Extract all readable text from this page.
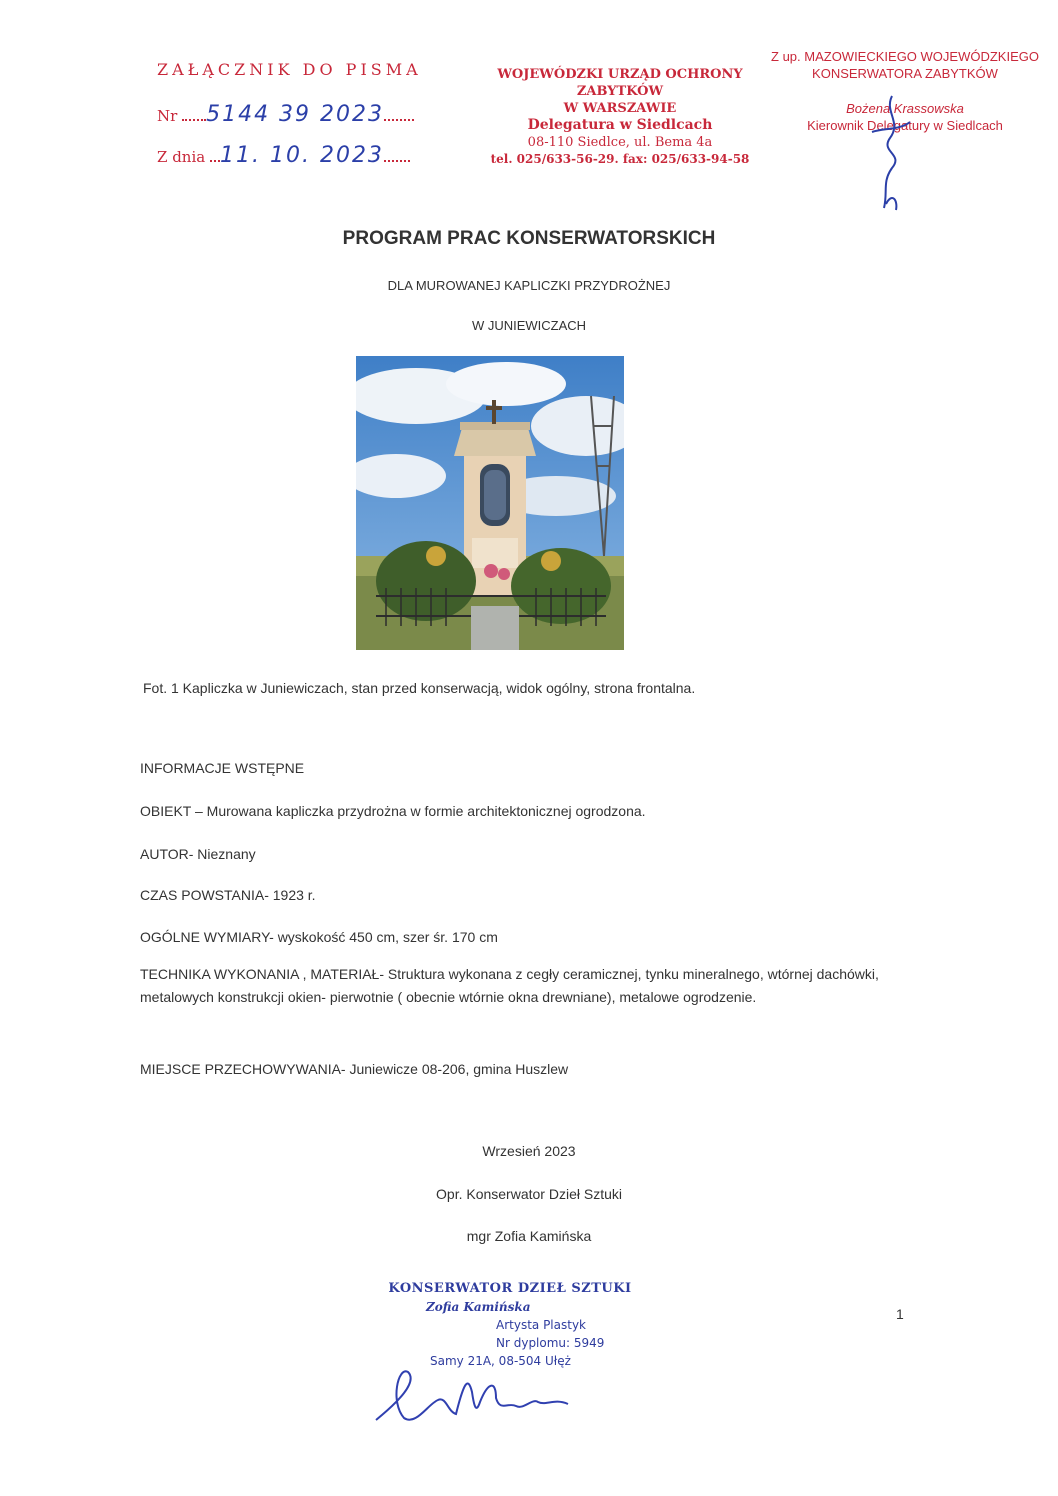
ZAŁĄCZNIK DO PISMA
Nr 5144 39 2023
Z dnia 11. 10. 2023
WOJEWÓDZKI URZĄD OCHRONY ZABYTKÓW
W WARSZAWIE
Delegatura w Siedlcach
08-110 Siedlce, ul. Bema 4a
tel. 025/633-56-29. fax: 025/633-94-58
Z up. MAZOWIECKIEGO WOJEWÓDZKIEGO
KONSERWATORA ZABYTKÓW
Bożena Krassowska
Kierownik Delegatury w Siedlcach
PROGRAM PRAC KONSERWATORSKICH
DLA MUROWANEJ KAPLICZKI PRZYDROŻNEJ
W JUNIEWICZACH
Fot. 1 Kapliczka w Juniewiczach, stan przed konserwacją, widok ogólny, strona frontalna.
INFORMACJE WSTĘPNE
OBIEKT – Murowana kapliczka przydrożna w formie architektonicznej ogrodzona.
AUTOR- Nieznany
CZAS POWSTANIA- 1923 r.
OGÓLNE WYMIARY- wyskokość 450 cm, szer śr. 170 cm
TECHNIKA WYKONANIA , MATERIAŁ- Struktura wykonana z cegły ceramicznej, tynku mineralnego, wtórnej dachówki, metalowych konstrukcji okien- pierwotnie ( obecnie wtórnie okna drewniane), metalowe ogrodzenie.
MIEJSCE PRZECHOWYWANIA- Juniewicze 08-206, gmina Huszlew
Wrzesień 2023
Opr. Konserwator Dzieł Sztuki
mgr Zofia Kamińska
KONSERWATOR DZIEŁ SZTUKI
Zofia Kamińska
Artysta Plastyk
Nr dyplomu: 5949
Samy 21A, 08-504 Ułęż
1
